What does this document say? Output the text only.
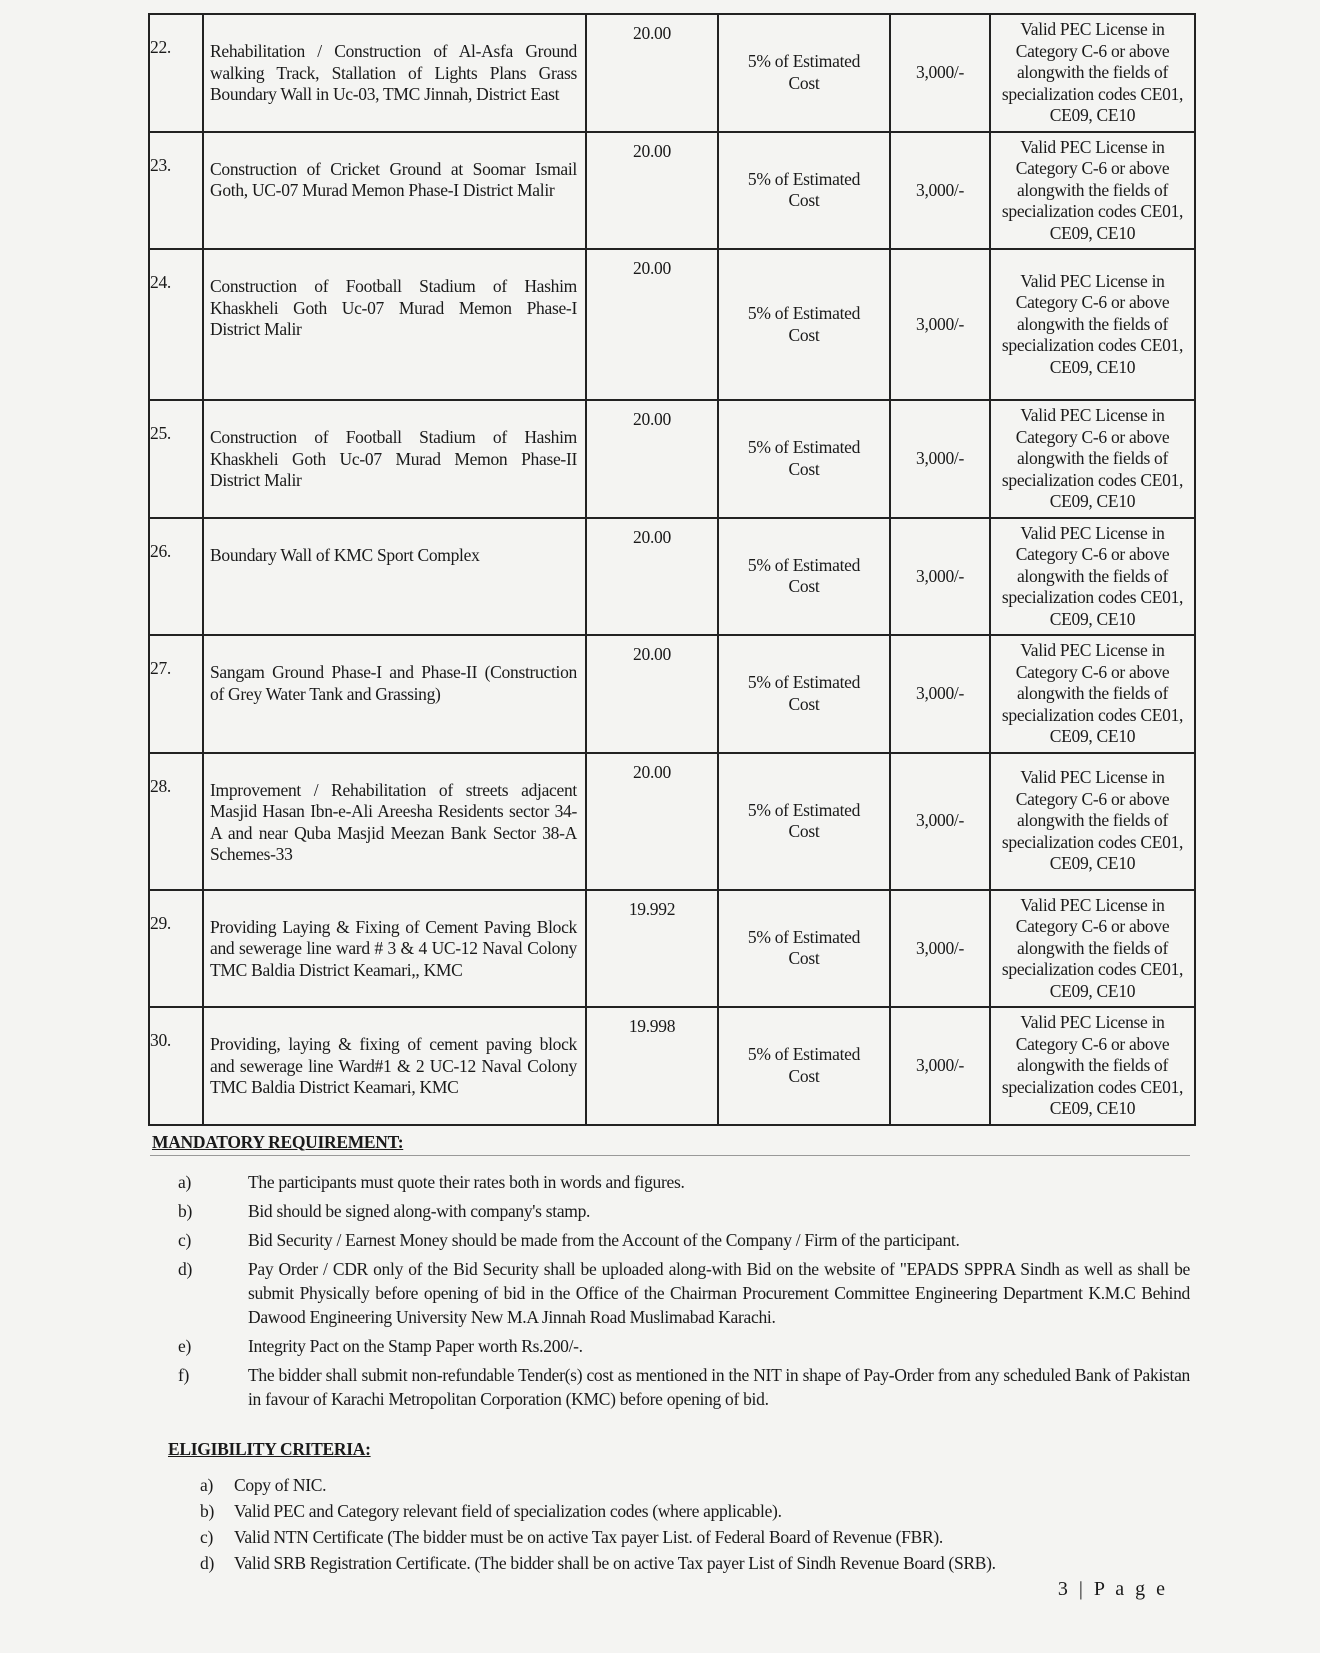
22.	Rehabilitation / Construction of Al-Asfa Ground walking Track, Stallation of Lights Plans Grass Boundary Wall in Uc-03, TMC Jinnah, District East	20.00	5% of Estimated Cost	3,000/-	Valid PEC License in Category C-6 or above alongwith the fields of specialization codes CE01, CE09, CE10
23.	Construction of Cricket Ground at Soomar Ismail Goth, UC-07 Murad Memon Phase-I District Malir	20.00	5% of Estimated Cost	3,000/-	Valid PEC License in Category C-6 or above alongwith the fields of specialization codes CE01, CE09, CE10
24.	Construction of Football Stadium of Hashim Khaskheli Goth Uc-07 Murad Memon Phase-I District Malir	20.00	5% of Estimated Cost	3,000/-	Valid PEC License in Category C-6 or above alongwith the fields of specialization codes CE01, CE09, CE10
25.	Construction of Football Stadium of Hashim Khaskheli Goth Uc-07 Murad Memon Phase-II District Malir	20.00	5% of Estimated Cost	3,000/-	Valid PEC License in Category C-6 or above alongwith the fields of specialization codes CE01, CE09, CE10
26.	Boundary Wall of KMC Sport Complex	20.00	5% of Estimated Cost	3,000/-	Valid PEC License in Category C-6 or above alongwith the fields of specialization codes CE01, CE09, CE10
27.	Sangam Ground Phase-I and Phase-II (Construction of Grey Water Tank and Grassing)	20.00	5% of Estimated Cost	3,000/-	Valid PEC License in Category C-6 or above alongwith the fields of specialization codes CE01, CE09, CE10
28.	Improvement / Rehabilitation of streets adjacent Masjid Hasan Ibn-e-Ali Areesha Residents sector 34-A and near Quba Masjid Meezan Bank Sector 38-A Schemes-33	20.00	5% of Estimated Cost	3,000/-	Valid PEC License in Category C-6 or above alongwith the fields of specialization codes CE01, CE09, CE10
29.	Providing Laying & Fixing of Cement Paving Block and sewerage line ward # 3 & 4 UC-12 Naval Colony TMC Baldia District Keamari,, KMC	19.992	5% of Estimated Cost	3,000/-	Valid PEC License in Category C-6 or above alongwith the fields of specialization codes CE01, CE09, CE10
30.	Providing, laying & fixing of cement paving block and sewerage line Ward#1 & 2 UC-12 Naval Colony TMC Baldia District Keamari, KMC	19.998	5% of Estimated Cost	3,000/-	Valid PEC License in Category C-6 or above alongwith the fields of specialization codes CE01, CE09, CE10
MANDATORY REQUIREMENT:
a)	The participants must quote their rates both in words and figures.
b)	Bid should be signed along-with company's stamp.
c)	Bid Security / Earnest Money should be made from the Account of the Company / Firm of the participant.
d)	Pay Order / CDR only of the Bid Security shall be uploaded along-with Bid on the website of "EPADS SPPRA Sindh as well as shall be submit Physically before opening of bid in the Office of the Chairman Procurement Committee Engineering Department K.M.C Behind Dawood Engineering University New M.A Jinnah Road Muslimabad Karachi.
e)	Integrity Pact on the Stamp Paper worth Rs.200/-.
f)	The bidder shall submit non-refundable Tender(s) cost as mentioned in the NIT in shape of Pay-Order from any scheduled Bank of Pakistan in favour of Karachi Metropolitan Corporation (KMC) before opening of bid.
ELIGIBILITY CRITERIA:
a)	Copy of NIC.
b)	Valid PEC and Category relevant field of specialization codes (where applicable).
c)	Valid NTN Certificate (The bidder must be on active Tax payer List. of Federal Board of Revenue (FBR).
d)	Valid SRB Registration Certificate. (The bidder shall be on active Tax payer List of Sindh Revenue Board (SRB).
3 | P a g e
